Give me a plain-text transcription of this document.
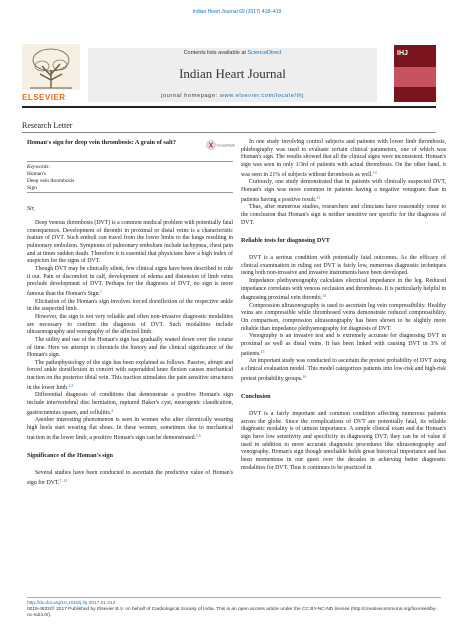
Indian Heart Journal 69 (2017) 418–419
ELSEVIER
Contents lists available at ScienceDirect
Indian Heart Journal
journal homepage: www.elsevier.com/locate/ihj
IHJ
Research Letter
Homan's sign for deep vein thrombosis: A grain of salt?	CrossMark
Keywords:
Homan's
Deep vein thrombosis
Sign
Sir,

Deep venous thrombosis (DVT) is a common medical problem with potentially fatal consequences. Development of thrombi in proximal or distal veins is a characteristic feature of DVT. Such emboli can travel from the lower limbs to the lungs resulting in pulmonary embolism. Symptoms of pulmonary embolism include tachypnea, chest pain and at times sudden death. Therefore it is essential that physicians have a high index of suspicion for the signs of DVT.

Though DVT may be clinically silent, few clinical signs have been described to rule it out. Pain or discomfort in calf, development of edema and distension of limb veins preclude development of DVT. Perhaps for the diagnosis of DVT, no sign is more famous than the Homan's Sign.$^1$

Elicitation of the Homan's sign involves forced dorsiflexion of the respective ankle in the suspected limb.

However, the sign is not very reliable and often non-invasive diagnostic modalities are necessary to confirm the diagnosis of DVT. Such modalities include ultrasonography and venography of the affected limb.

The utility and use of the Homan's sign has gradually waned down over the course of time. Here we attempt to chronicle the history and the clinical significance of the Homan's sign.

The pathophysiology of the sign has been explained as follows. Passive, abrupt and forced ankle dorsiflexion in concert with superadded knee flexion causes mechanical traction on the posterior tibial vein. This traction stimulates the pain sensitive structures in the lower limb.$^{2,3}$

Differential diagnosis of conditions that demonstrate a positive Homan's sign include intervertebral disc herniation, ruptured Baker's cyst, neurogenic claudication, gastrocnemius spasm, and cellulitis.$^4$

Another interesting phenomenon is seen in women who after chronically wearing high heels start wearing flat shoes. In these women, sometimes due to mechanical traction in the lower limb, a positive Homan's sign can be demonstrated.$^{5,6}$

Significance of the Homan's sign

Several studies have been conducted to ascertain the predictive value of Homan's sign for DVT.$^{7-13}$

In one study involving control subjects and patients with lower limb thrombosis, phlebography was used to evaluate certain clinical parameters, one of which was Homan's sign. The results showed that all the clinical signs were inconsistent. Homan's sign was seen in only 1/3rd of patients with actual thrombosis. On the other hand, it was seen in 21% of subjects without thrombosis as well.$^{10}$

Curiously, one study demonstrated that in patients with clinically suspected DVT, Homan's sign was more common in patients having a negative venogram than in patients having a positive result.$^{12}$

Thus, after numerous studies, researchers and clinicians have reasonably come to the conclusion that Homan's sign is neither sensitive nor specific for the diagnosis of DVT.

Reliable tests for diagnosing DVT

DVT is a serious condition with potentially fatal outcomes. As the efficacy of clinical examination in ruling out DVT is fairly low, numerous diagnostic techniques using both non-invasive and invasive instruments have been developed.

Impedance plethysmography calculates electrical impedance in the leg. Reduced impedance correlates with venous occlusion and thrombosis. It is particularly helpful in diagnosing proximal vein thrombi.$^{14}$

Compression ultrasonography is used to ascertain leg vein compressibility. Healthy veins are compressible while thrombosed veins demonstrate reduced compressibility. On comparison, compression ultrasonography has been shown to be slightly more reliable than impedance plethysmography for diagnosis of DVT.

Venography is an invasive test and is extremely accurate for diagnosing DVT in proximal as well as distal veins. It has been linked with causing DVT in 3% of patients.$^{15}$

An important study was conducted to ascertain the pretest probability of DVT using a clinical evaluation model. This model categorizes patients into low-risk and high-risk pretest probability groups.$^{16}$

Conclusion

DVT is a fairly important and common condition affecting numerous patients across the globe. Since the complications of DVT are potentially fatal, its reliable diagnostic modality is of utmost importance. A simple clinical exam and the Homan's sign have low sensitivity and specificity in diagnosing DVT; they can be of value if used in addition to more accurate diagnostic procedures like ultrasonography and venography. Homan's sign though unreliable holds great historical importance and has been momentous in our quest over the decades in achieving better diagnostic modalities for DVT. Thus it continues to be practiced in

http://dx.doi.org/10.1016/j.ihj.2017.01.013
0019-4832/© 2017 Published by Elsevier B.V. on behalf of Cardiological Society of India. This is an open access article under the CC BY-NC-ND license (http://creativecommons.org/licenses/by-nc-nd/4.0/).
